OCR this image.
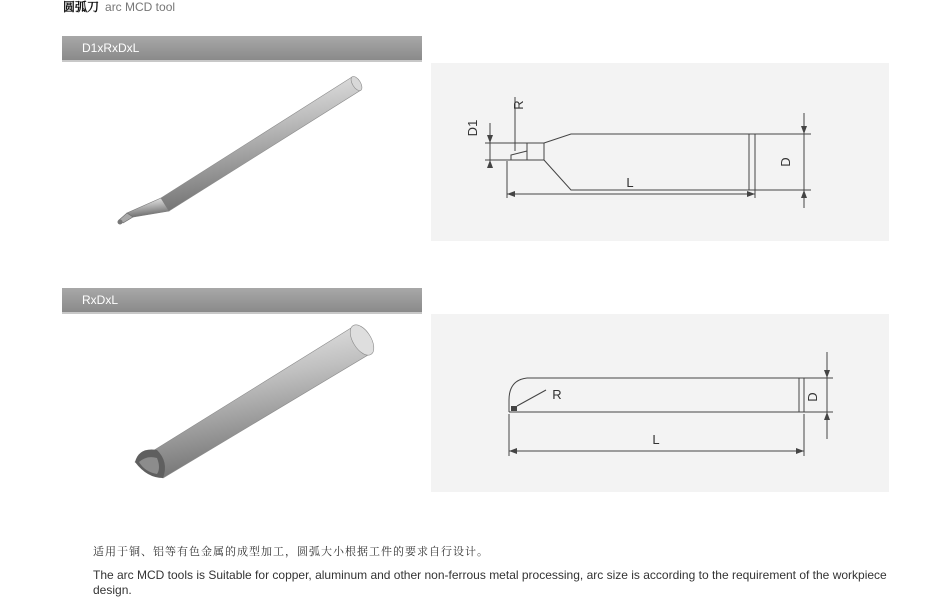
圆弧刀 arc MCD tool
D1xRxDxL
D
D1
R
L
RxDxL
R	D
L
适用于铜、铝等有色金属的成型加工，圆弧大小根据工件的要求自行设计。
The arc MCD tools is Suitable for copper, aluminum and other non-ferrous metal processing, arc size is according to the requirement of the workpiece design.
